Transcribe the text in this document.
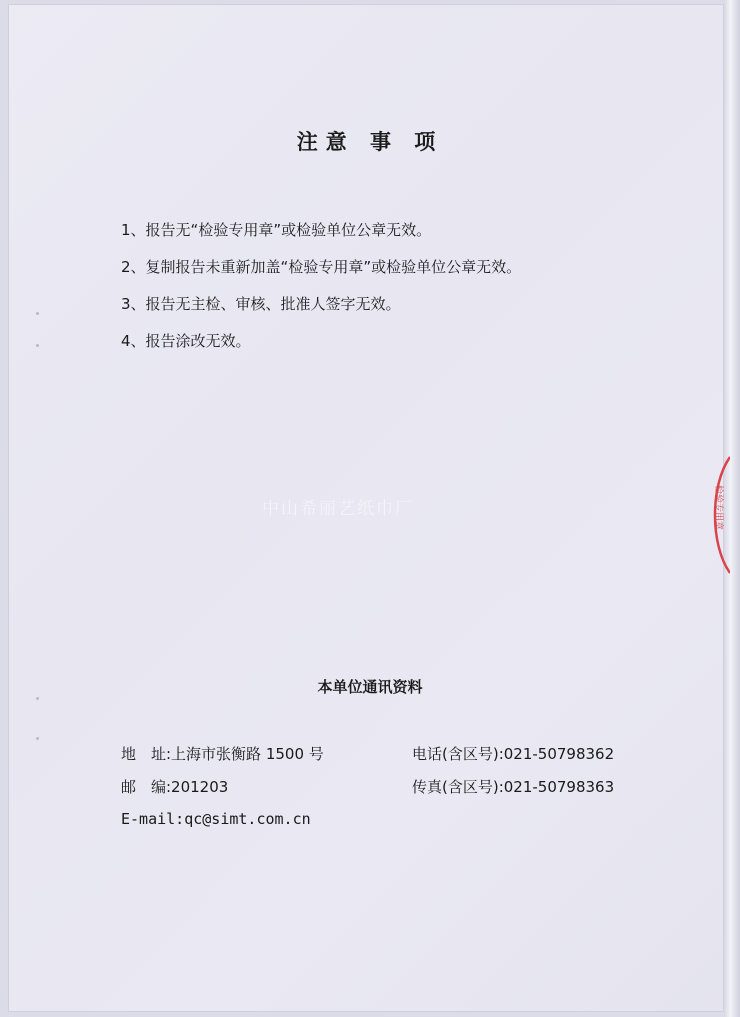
注意 事 项
1、报告无“检验专用章”或检验单位公章无效。
2、复制报告未重新加盖“检验专用章”或检验单位公章无效。
3、报告无主检、审核、批准人签字无效。
4、报告涂改无效。
中山希丽艺纸巾厂
本单位通讯资料
地　址:上海市张衡路 1500 号
邮　编:201203
E-mail:qc@simt.com.cn
电话(含区号):021-50798362
传真(含区号):021-50798363
检验专用章
